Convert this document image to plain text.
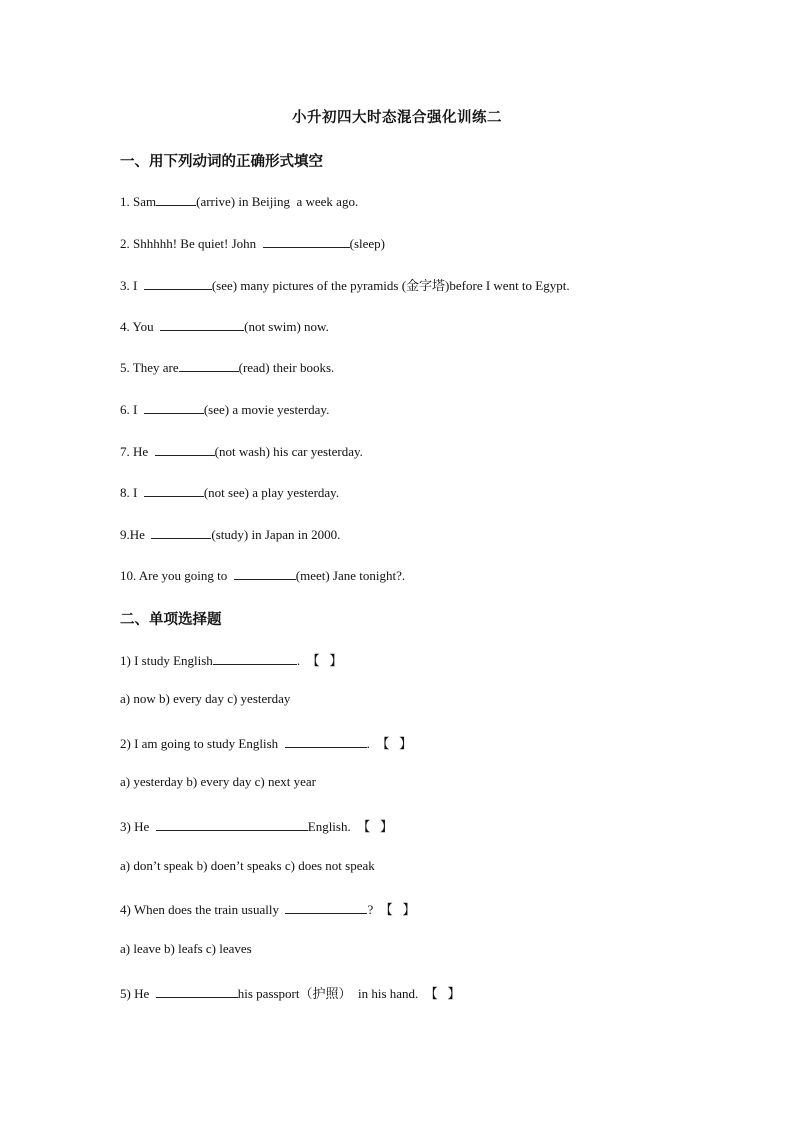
小升初四大时态混合强化训练二
一、用下列动词的正确形式填空
1. Sam	(arrive) in Beijing  a week ago.
2. Shhhhh! Be quiet! John	(sleep)
3. I	(see) many pictures of the pyramids (金字塔)before I went to Egypt.
4. You	(not swim) now.
5. They are	(read) their books.
6. I	(see) a movie yesterday.
7. He	(not wash) his car yesterday.
8. I	(not see) a play yesterday.
9.He	(study) in Japan in 2000.
10. Are you going to	(meet) Jane tonight?.
二、单项选择题
1) I study English	.  【   】
a) now b) every day c) yesterday
2) I am going to study English	.  【   】
a) yesterday b) every day c) next year
3) He	English.  【   】
a) don’t speak b) doen’t speaks c) does not speak
4) When does the train usually	?  【   】
a) leave b) leafs c) leaves
5) He	his passport（护照）  in his hand.  【   】
